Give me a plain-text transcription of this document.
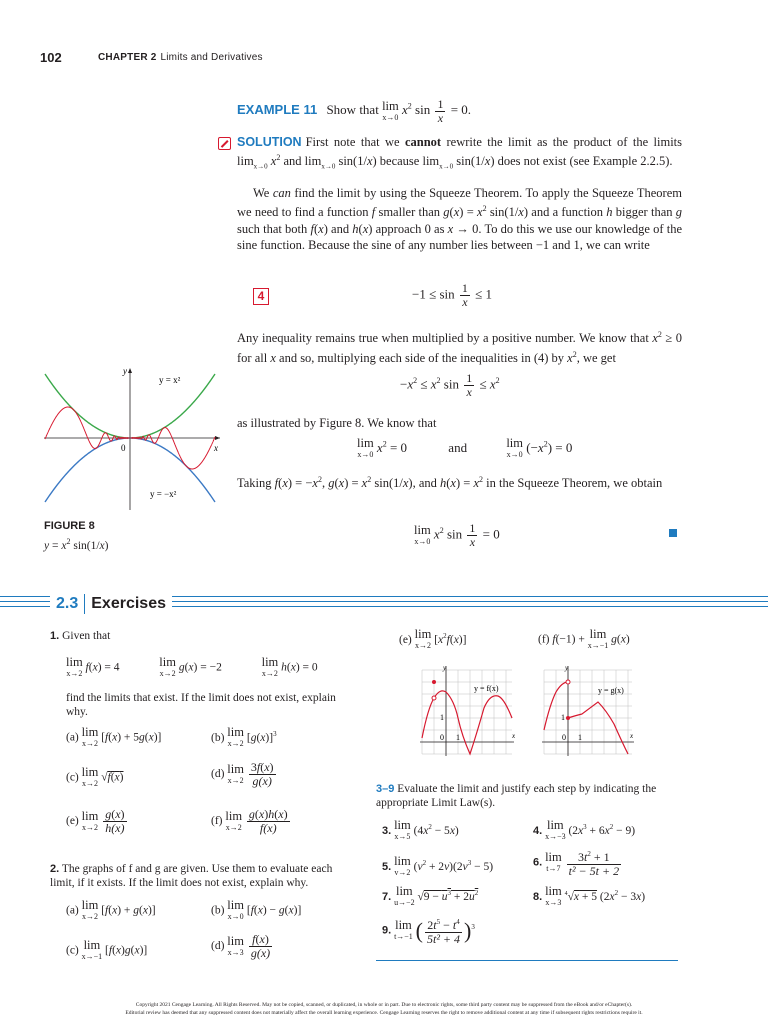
102	CHAPTER 2 Limits and Derivatives
EXAMPLE 11 Show that lim
x→0 $x^2$ $\sin \frac{1}{x} = 0$.
SOLUTION First note that we cannot rewrite the limit as the product of the limits $\lim_{x\to 0} x^2$ and $\lim_{x\to 0} \sin(1/x)$ because $\lim_{x\to 0} \sin(1/x)$ does not exist (see Example 2.2.5).
We can find the limit by using the Squeeze Theorem. To apply the Squeeze Theorem we need to find a function f smaller than $g(x) = x^2$ sin(1/x) and a function h bigger than g such that both f(x) and h(x) approach 0 as x → 0. To do this we use our knowledge of the sine function. Because the sine of any number lies between −1 and 1, we can write
4	$-1 \le \sin \frac{1}{x} \le 1$
Any inequality remains true when multiplied by a positive number. We know that $x^2 \ge 0$ for all x and so, multiplying each side of the inequalities in (4) by $x^2$, we get
$-x^2 \le x^2$ $\sin \frac{1}{x} \le x^2$
as illustrated by Figure 8. We know that
lim
x→0 $x^2 = 0$	and	lim
x→0 $(-x^2) = 0$
Taking $f(x) = -x^2$, $g(x) = x^2$ sin(1/x), and $h(x) = x^2$ in the Squeeze Theorem, we obtain
lim
x→0 $x^2$ $\sin \frac{1}{x} = 0$
y = x²
y = −x²
x
y
0
FIGURE 8
$y = x^2$ sin(1/x)
2.3 Exercises
1. Given that
lim
x→2 f(x) = 4	lim
x→2 g(x) = −2	lim
x→2 h(x) = 0
find the limits that exist. If the limit does not exist, explain why.
(a) lim
x→2 [f(x) + 5g(x)]	(b) lim
x→2 $[g(x)]^3$
(c) lim
x→2 √f(x)	(d) lim
x→2
$\frac{3f(x)}{g(x)}$
(e) lim
x→2
$\frac{g(x)}{h(x)}$	(f) lim
x→2
$\frac{g(x)h(x)}{f(x)}$
2. The graphs of f and g are given. Use them to evaluate each limit, if it exists. If the limit does not exist, explain why.
(a) lim
x→2 [f(x) + g(x)]	(b) lim
x→0 [f(x) − g(x)]
(c) lim
x→−1 [f(x)g(x)]	(d) lim
x→3
$\frac{f(x)}{g(x)}$
(e) lim
x→2 $[x^2f(x)]$	(f) f(−1) + lim
x→−1 g(x)
y = f(x)
1
1
0
y
x
y = g(x)
1
1
0
y
x
3–9 Evaluate the limit and justify each step by indicating the appropriate Limit Law(s).
3. lim
x→5 $(4x^2 - 5x)$	4. lim
x→−3 $(2x^3 + 6x^2 - 9)$
5. lim
v→2 $(v^2 + 2v)(2v^3 - 5)$	6. lim
t→7
$\frac{3t^2 + 1}{\text{t² − 5t + 2}}$
7. lim
u→−2 $√9 - u^3 + 2u^2$	8. lim
x→3
$^4$√x + 5 $(2x^2 - 3x)$
9. lim
t→−1 ( $\frac{2t^5 - t^4}{\text{5t² + 4}} )^3$
Copyright 2021 Cengage Learning. All Rights Reserved. May not be copied, scanned, or duplicated, in whole or in part. Due to electronic rights, some third party content may be suppressed from the eBook and/or eChapter(s).
Editorial review has deemed that any suppressed content does not materially affect the overall learning experience. Cengage Learning reserves the right to remove additional content at any time if subsequent rights restrictions require it.
